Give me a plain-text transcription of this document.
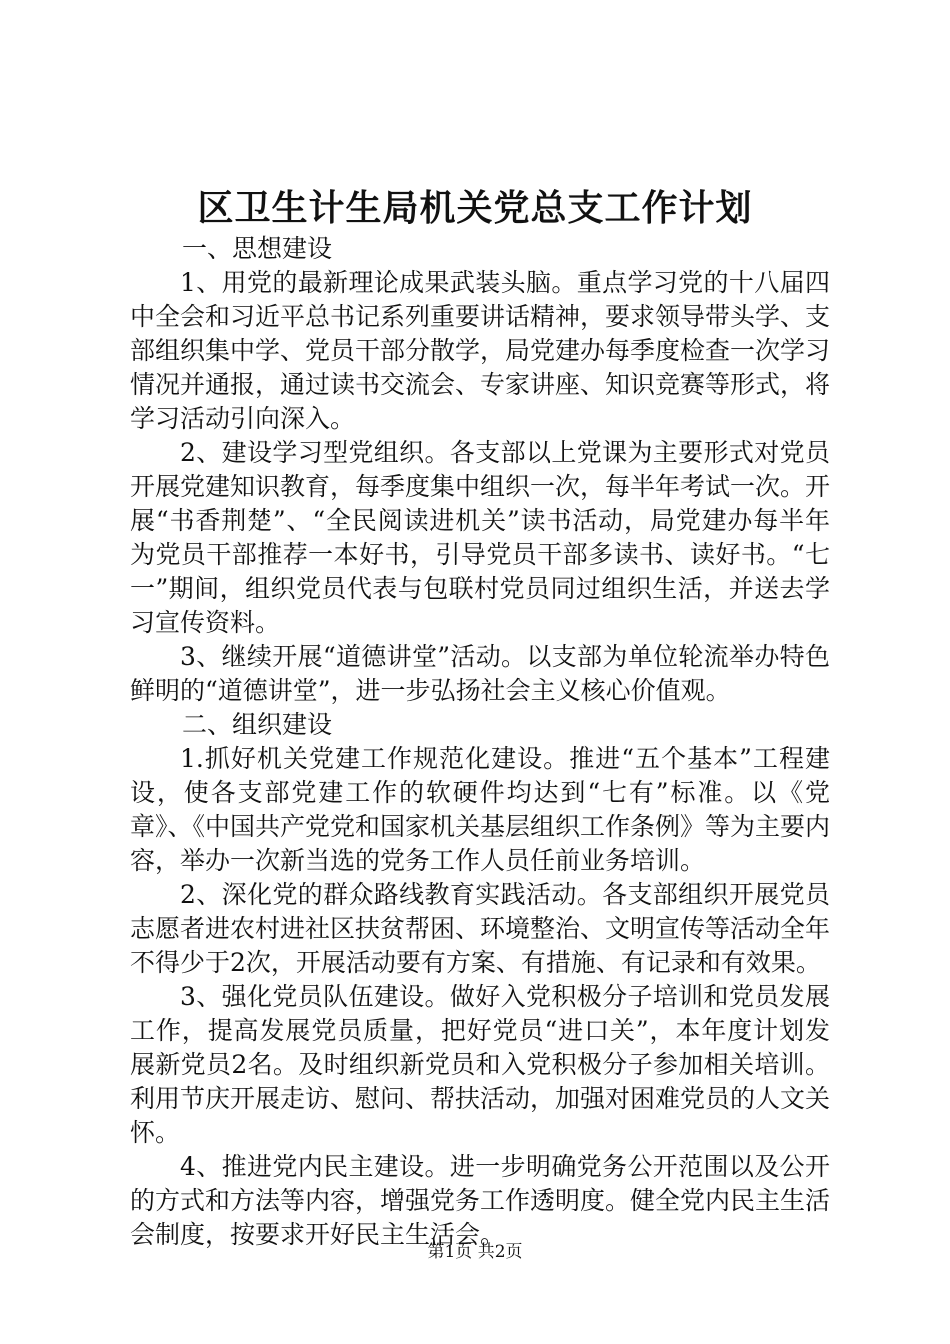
区卫生计生局机关党总支工作计划

一、思想建设

1、用党的最新理论成果武装头脑。重点学习党的十八届四中全会和习近平总书记系列重要讲话精神，要求领导带头学、支部组织集中学、党员干部分散学，局党建办每季度检查一次学习情况并通报，通过读书交流会、专家讲座、知识竞赛等形式，将学习活动引向深入。

2、建设学习型党组织。各支部以上党课为主要形式对党员开展党建知识教育，每季度集中组织一次，每半年考试一次。开展“书香荆楚”、“全民阅读进机关”读书活动，局党建办每半年为党员干部推荐一本好书，引导党员干部多读书、读好书。“七一”期间，组织党员代表与包联村党员同过组织生活，并送去学习宣传资料。

3、继续开展“道德讲堂”活动。以支部为单位轮流举办特色鲜明的“道德讲堂”，进一步弘扬社会主义核心价值观。

二、组织建设

1.抓好机关党建工作规范化建设。推进“五个基本”工程建设，使各支部党建工作的软硬件均达到“七有”标准。以《党章》、《中国共产党党和国家机关基层组织工作条例》等为主要内容，举办一次新当选的党务工作人员任前业务培训。

2、深化党的群众路线教育实践活动。各支部组织开展党员志愿者进农村进社区扶贫帮困、环境整治、文明宣传等活动全年不得少于2次，开展活动要有方案、有措施、有记录和有效果。

3、强化党员队伍建设。做好入党积极分子培训和党员发展工作，提高发展党员质量，把好党员“进口关”，本年度计划发展新党员2名。及时组织新党员和入党积极分子参加相关培训。利用节庆开展走访、慰问、帮扶活动，加强对困难党员的人文关怀。

4、推进党内民主建设。进一步明确党务公开范围以及公开的方式和方法等内容，增强党务工作透明度。健全党内民主生活会制度，按要求开好民主生活会。

第1页 共2页
